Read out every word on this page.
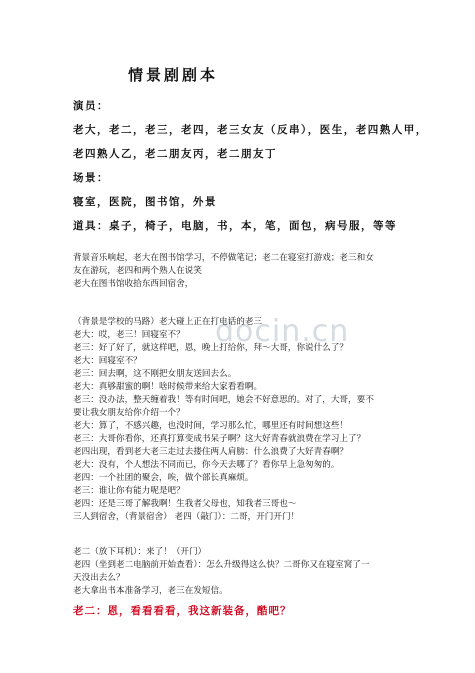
情景剧剧本
演员：
老大，老二，老三，老四，老三女友（反串），医生，老四熟人甲，
老四熟人乙，老二朋友丙，老二朋友丁
场景：
寝室，医院，图书馆，外景
道具：桌子，椅子，电脑，书，本，笔，面包，病号服，等等
docin.cn

背景音乐响起，老大在图书馆学习，不停做笔记；老二在寝室打游戏；老三和女

友在游玩，老四和两个熟人在说笑

老大在图书馆收拾东西回宿舍，

（背景是学校的马路）老大碰上正在打电话的老三

老大：哎，老三！回寝室不？

老三：好了好了，就这样吧，恩，晚上打给你，拜～大哥，你说什么了？

老大：回寝室不？

老三：回去啊，这不刚把女朋友送回去么。

老大：真够甜蜜的啊！啥时候带来给大家看看啊。

老三：没办法，整天缠着我！等有时间吧，她会不好意思的。对了，大哥，要不

要让我女朋友给你介绍一个？

老大：算了，不感兴趣，也没时间，学习那么忙，哪里还有时间想这些！

老三：大哥你看你，还真打算变成书呆子啊？这大好青春就浪费在学习上了？

老四出现，看到老大老三走过去搂住两人肩膀：什么浪费了大好青春啊？

老大：没有，个人想法不同而已，你今天去哪了？看你早上急匆匆的。

老四：一个社团的聚会，唉，做个部长真麻烦。

老三：谁让你有能力呢是吧？

老四：还是三哥了解我啊！生我者父母也，知我者三哥也～

三人到宿舍，（背景宿舍） 老四（敲门）：二哥，开门开门！

老二（放下耳机）：来了！（开门）

老四（坐到老二电脑前开始查看）：怎么升级得这么快？二哥你又在寝室窝了一

天没出去么？

老大拿出书本准备学习，老三在发短信。

老二：恩，看看看看，我这新装备，酷吧？
